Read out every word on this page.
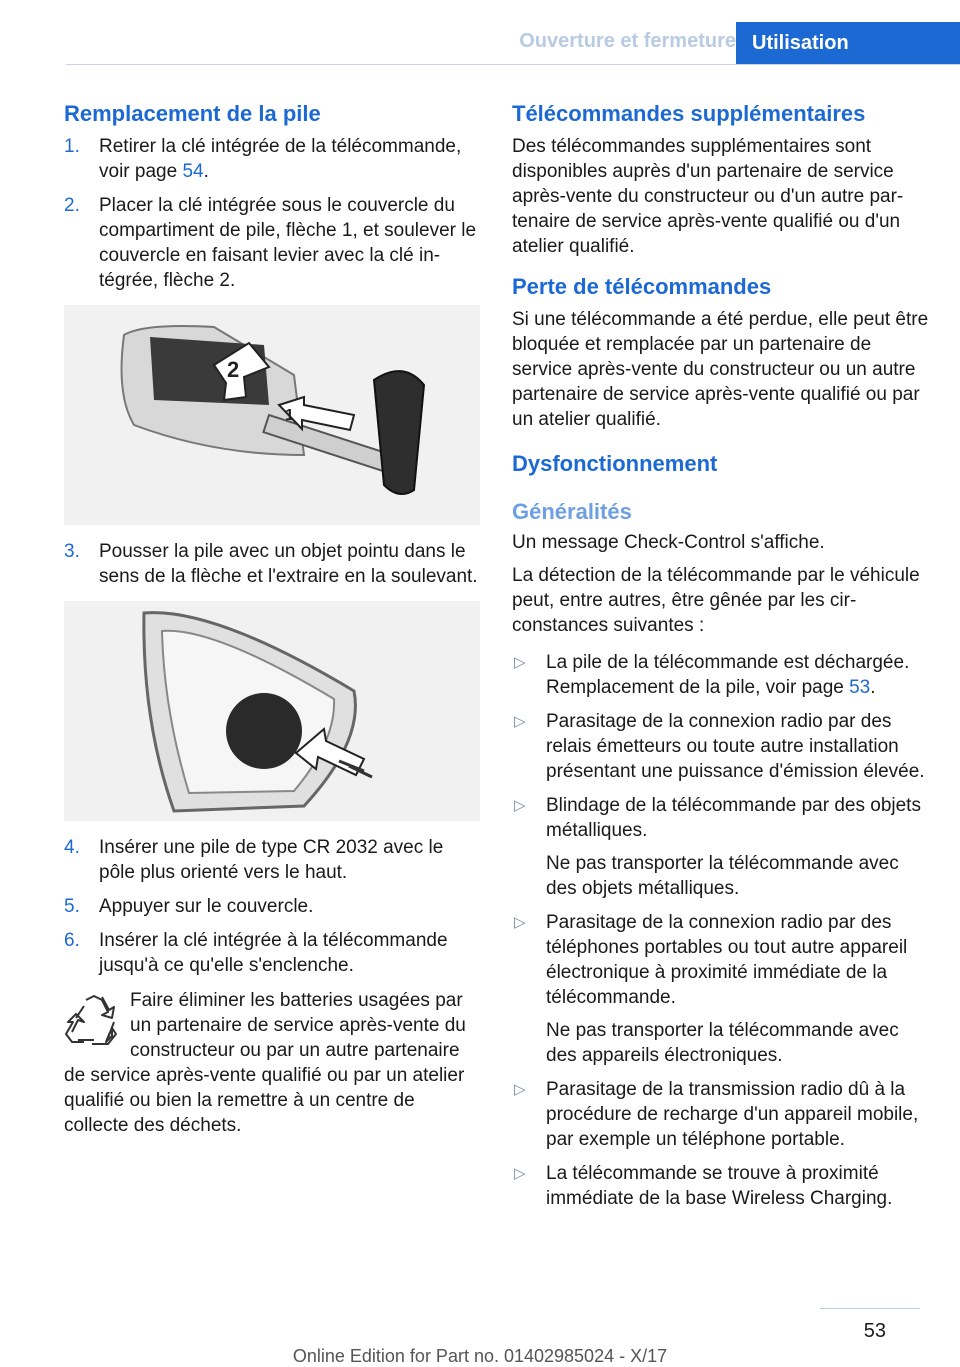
Ouverture et fermeture Utilisation
Remplacement de la pile
1. Retirer la clé intégrée de la télécommande, voir page 54.
2. Placer la clé intégrée sous le couvercle du compartiment de pile, flèche 1, et soulever le couvercle en faisant levier avec la clé intégrée, flèche 2.
2
1
3. Pousser la pile avec un objet pointu dans le sens de la flèche et l'extraire en la soulevant.
4. Insérer une pile de type CR 2032 avec le pôle plus orienté vers le haut.
5. Appuyer sur le couvercle.
6. Insérer la clé intégrée à la télécommande jusqu'à ce qu'elle s'enclenche.
Faire éliminer les batteries usagées par un partenaire de service après-vente du constructeur ou par un autre partenaire de service après-vente qualifié ou par un atelier qualifié ou bien la remettre à un centre de collecte des déchets.
Télécommandes supplémentaires
Des télécommandes supplémentaires sont disponibles auprès d'un partenaire de service après-vente du constructeur ou d'un autre partenaire de service après-vente qualifié ou d'un atelier qualifié.
Perte de télécommandes
Si une télécommande a été perdue, elle peut être bloquée et remplacée par un partenaire de service après-vente du constructeur ou un autre partenaire de service après-vente qualifié ou par un atelier qualifié.
Dysfonctionnement
Généralités
Un message Check-Control s'affiche.
La détection de la télécommande par le véhicule peut, entre autres, être gênée par les circonstances suivantes :
▷ La pile de la télécommande est déchargée. Remplacement de la pile, voir page 53.
▷ Parasitage de la connexion radio par des relais émetteurs ou toute autre installation présentant une puissance d'émission élevée.
▷ Blindage de la télécommande par des objets métalliques.
Ne pas transporter la télécommande avec des objets métalliques.
▷ Parasitage de la connexion radio par des téléphones portables ou tout autre appareil électronique à proximité immédiate de la télécommande.
Ne pas transporter la télécommande avec des appareils électroniques.
▷ Parasitage de la transmission radio dû à la procédure de recharge d'un appareil mobile, par exemple un téléphone portable.
▷ La télécommande se trouve à proximité immédiate de la base Wireless Charging.
53
Online Edition for Part no. 01402985024 - X/17
